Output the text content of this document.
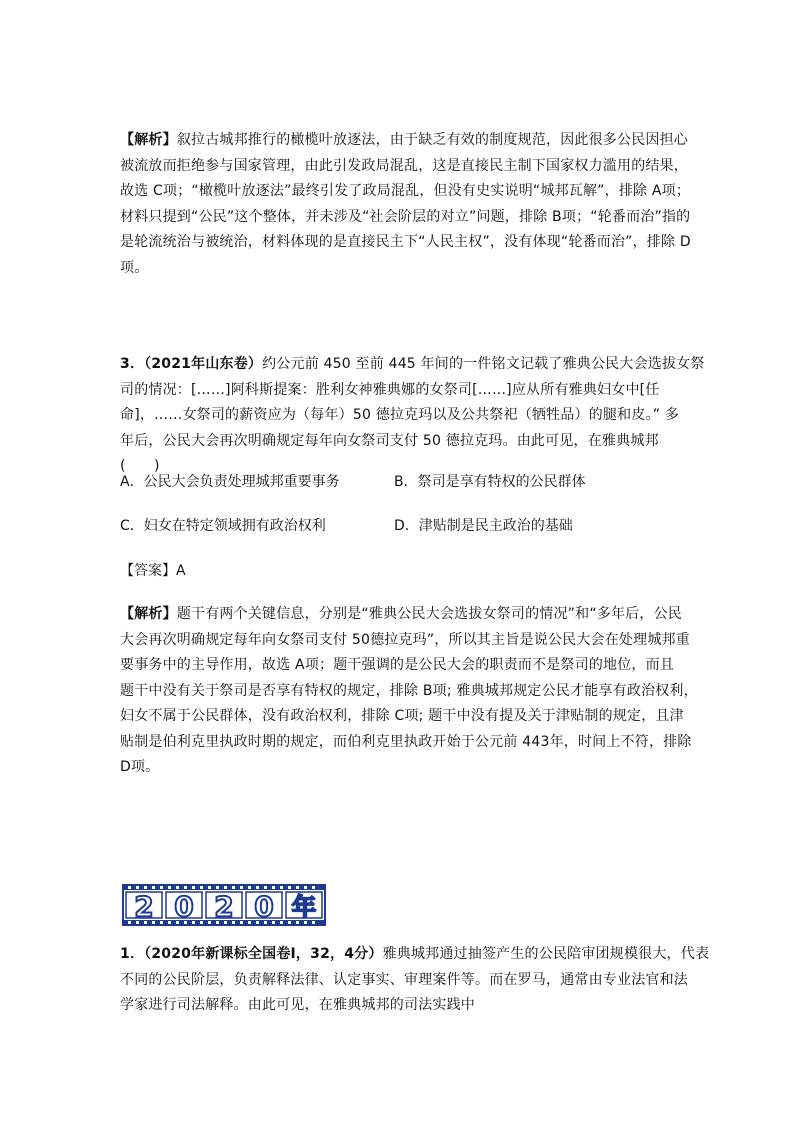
【解析】叙拉古城邦推行的橄榄叶放逐法，由于缺乏有效的制度规范，因此很多公民因担心
被流放而拒绝参与国家管理，由此引发政局混乱，这是直接民主制下国家权力滥用的结果，
故选 C项；“橄榄叶放逐法”最终引发了政局混乱，但没有史实说明“城邦瓦解”，排除 A项；
材料只提到“公民”这个整体，并未涉及“社会阶层的对立”问题，排除 B项；“轮番而治”指的
是轮流统治与被统治，材料体现的是直接民主下“人民主权”，没有体现“轮番而治”，排除 D
项。
3．（2021年山东卷）约公元前 450 至前 445 年间的一件铭文记载了雅典公民大会选拔女祭
司的情况：[……]阿科斯提案：胜利女神雅典娜的女祭司[……]应从所有雅典妇女中[任
命]，……女祭司的薪资应为（每年）50 德拉克玛以及公共祭祀（牺牲品）的腿和皮。” 多
年后，公民大会再次明确规定每年向女祭司支付 50 德拉克玛。由此可见，在雅典城邦
(　　)
A．公民大会负责处理城邦重要事务	B．祭司是享有特权的公民群体
C．妇女在特定领域拥有政治权利	D．津贴制是民主政治的基础
【答案】A
【解析】题干有两个关键信息，分别是“雅典公民大会选拔女祭司的情况”和“多年后，公民
大会再次明确规定每年向女祭司支付 50德拉克玛”，所以其主旨是说公民大会在处理城邦重
要事务中的主导作用，故选 A项；题干强调的是公民大会的职责而不是祭司的地位，而且
题干中没有关于祭司是否享有特权的规定，排除 B项; 雅典城邦规定公民才能享有政治权利，
妇女不属于公民群体，没有政治权利，排除 C项; 题干中没有提及关于津贴制的规定，且津
贴制是伯利克里执政时期的规定，而伯利克里执政开始于公元前 443年，时间上不符，排除
D项。
2 0 2 0 年
1．（2020年新课标全国卷Ⅰ，32，4分）雅典城邦通过抽签产生的公民陪审团规模很大，代表
不同的公民阶层，负责解释法律、认定事实、审理案件等。而在罗马，通常由专业法官和法
学家进行司法解释。由此可见，在雅典城邦的司法实践中
